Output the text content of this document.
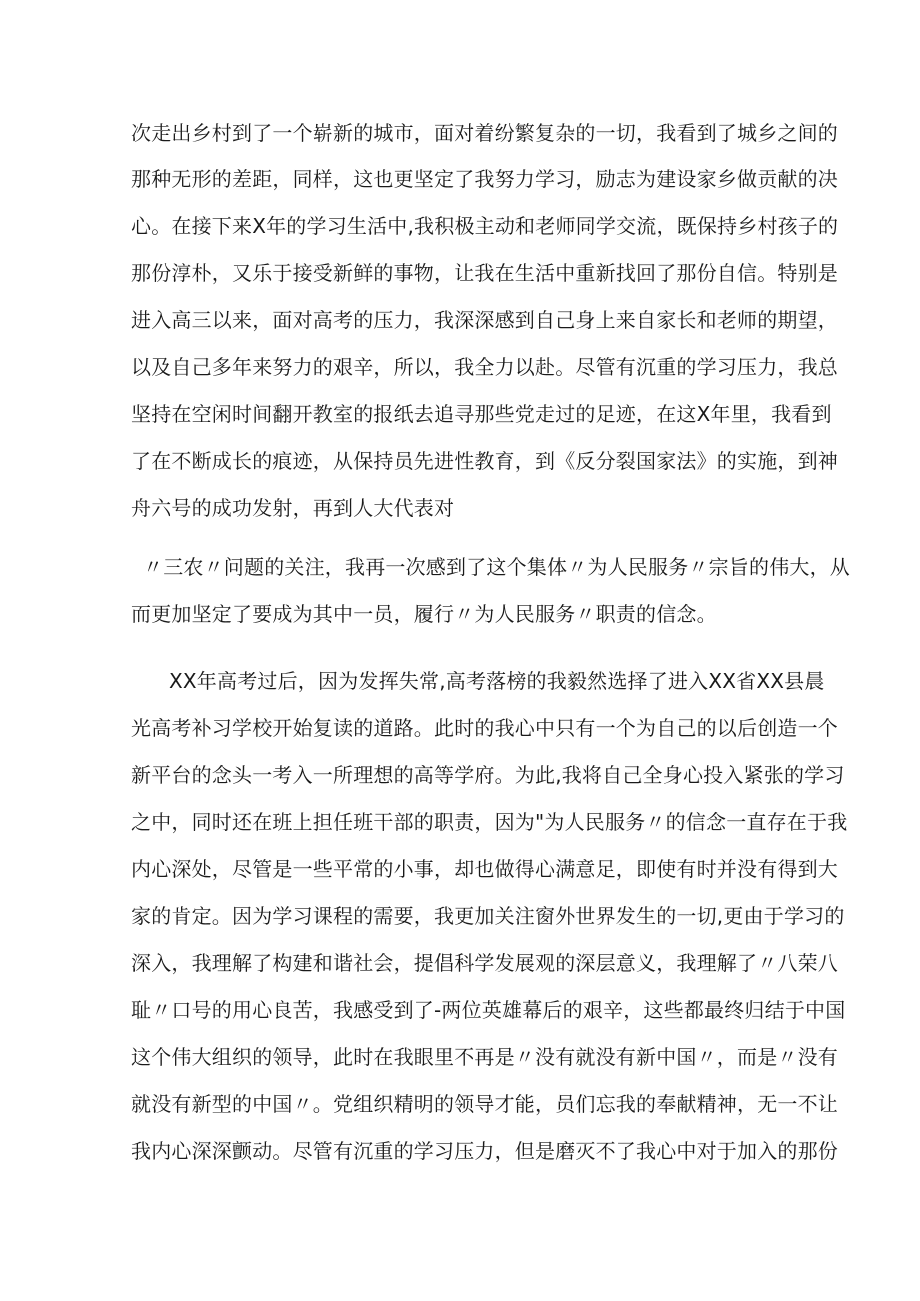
次走出乡村到了一个崭新的城市，面对着纷繁复杂的一切，我看到了城乡之间的

那种无形的差距，同样，这也更坚定了我努力学习，励志为建设家乡做贡献的决

心。在接下来X年的学习生活中,我积极主动和老师同学交流，既保持乡村孩子的

那份淳朴，又乐于接受新鲜的事物，让我在生活中重新找回了那份自信。特别是

进入高三以来，面对高考的压力，我深深感到自己身上来自家长和老师的期望，

以及自己多年来努力的艰辛，所以，我全力以赴。尽管有沉重的学习压力，我总

坚持在空闲时间翻开教室的报纸去追寻那些党走过的足迹，在这X年里，我看到

了在不断成长的痕迹，从保持员先进性教育，到《反分裂国家法》的实施，到神

舟六号的成功发射，再到人大代表对

〃三农〃问题的关注，我再一次感到了这个集体〃为人民服务〃宗旨的伟大，从

而更加坚定了要成为其中一员，履行〃为人民服务〃职责的信念。

XX年高考过后，因为发挥失常,高考落榜的我毅然选择了进入XX省XX县晨

光高考补习学校开始复读的道路。此时的我心中只有一个为自己的以后创造一个

新平台的念头一考入一所理想的高等学府。为此,我将自己全身心投入紧张的学习

之中，同时还在班上担任班干部的职责，因为"为人民服务〃的信念一直存在于我

内心深处，尽管是一些平常的小事，却也做得心满意足，即使有时并没有得到大

家的肯定。因为学习课程的需要，我更加关注窗外世界发生的一切,更由于学习的

深入，我理解了构建和谐社会，提倡科学发展观的深层意义，我理解了〃八荣八

耻〃口号的用心良苦，我感受到了-两位英雄幕后的艰辛，这些都最终归结于中国

这个伟大组织的领导，此时在我眼里不再是〃没有就没有新中国〃，而是〃没有

就没有新型的中国〃。党组织精明的领导才能，员们忘我的奉献精神，无一不让

我内心深深颤动。尽管有沉重的学习压力，但是磨灭不了我心中对于加入的那份
